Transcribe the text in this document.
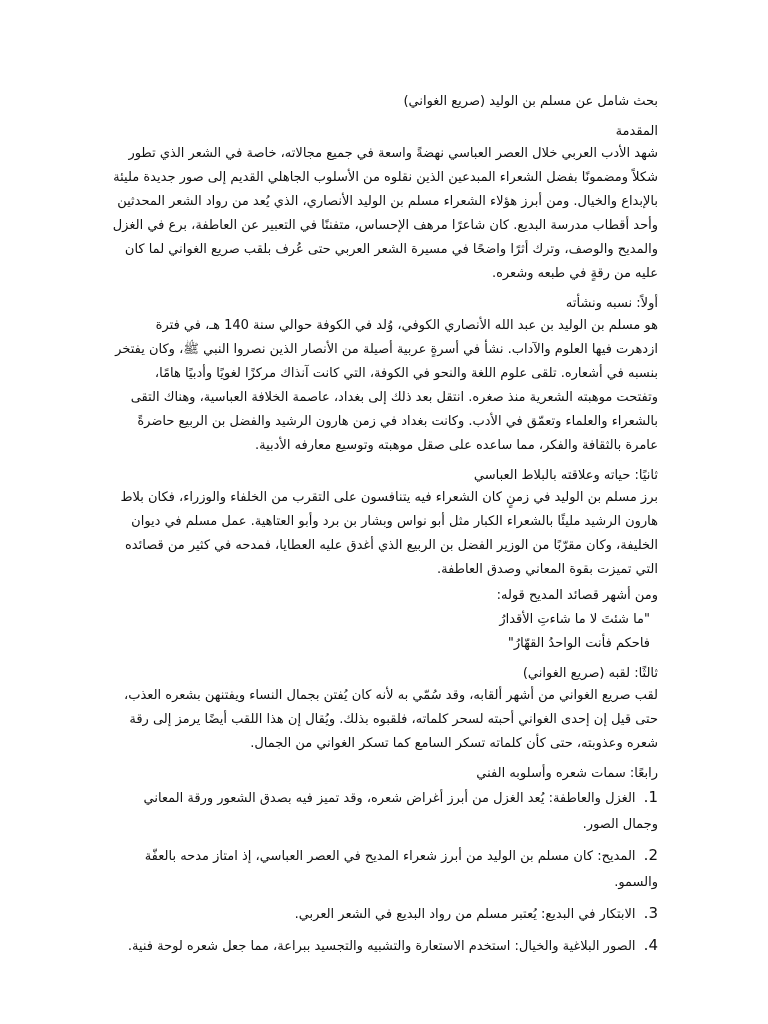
بحث شامل عن مسلم بن الوليد (صريع الغواني)

المقدمة

شهد الأدب العربي خلال العصر العباسي نهضةً واسعة في جميع مجالاته، خاصة في الشعر الذي تطور شكلاً ومضمونًا بفضل الشعراء المبدعين الذين نقلوه من الأسلوب الجاهلي القديم إلى صور جديدة مليئة بالإبداع والخيال. ومن أبرز هؤلاء الشعراء مسلم بن الوليد الأنصاري، الذي يُعد من رواد الشعر المحدثين وأحد أقطاب مدرسة البديع. كان شاعرًا مرهف الإحساس، متفننًا في التعبير عن العاطفة، برع في الغزل والمديح والوصف، وترك أثرًا واضحًا في مسيرة الشعر العربي حتى عُرف بلقب صريع الغواني لما كان عليه من رقةٍ في طبعه وشعره.

أولاً: نسبه ونشأته

هو مسلم بن الوليد بن عبد الله الأنصاري الكوفي، وُلد في الكوفة حوالي سنة 140 هـ، في فترة ازدهرت فيها العلوم والآداب. نشأ في أسرةٍ عربية أصيلة من الأنصار الذين نصروا النبي ﷺ، وكان يفتخر بنسبه في أشعاره. تلقى علوم اللغة والنحو في الكوفة، التي كانت آنذاك مركزًا لغويًا وأدبيًا هامًا، وتفتحت موهبته الشعرية منذ صغره. انتقل بعد ذلك إلى بغداد، عاصمة الخلافة العباسية، وهناك التقى بالشعراء والعلماء وتعمّق في الأدب. وكانت بغداد في زمن هارون الرشيد والفضل بن الربيع حاضرةً عامرة بالثقافة والفكر، مما ساعده على صقل موهبته وتوسيع معارفه الأدبية.

ثانيًا: حياته وعلاقته بالبلاط العباسي

برز مسلم بن الوليد في زمنٍ كان الشعراء فيه يتنافسون على التقرب من الخلفاء والوزراء، فكان بلاط هارون الرشيد مليئًا بالشعراء الكبار مثل أبو نواس وبشار بن برد وأبو العتاهية. عمل مسلم في ديوان الخليفة، وكان مقرّبًا من الوزير الفضل بن الربيع الذي أغدق عليه العطايا، فمدحه في كثير من قصائده التي تميزت بقوة المعاني وصدق العاطفة.

ومن أشهر قصائد المديح قوله:

"ما شئتَ لا ما شاءتِ الأقدارُ

فاحكم فأنت الواحدُ القهّارُ"

ثالثًا: لقبه (صريع الغواني)

لقب صريع الغواني من أشهر ألقابه، وقد سُمّي به لأنه كان يُفتن بجمال النساء ويفتنهن بشعره العذب، حتى قيل إن إحدى الغواني أحبته لسحر كلماته، فلقبوه بذلك. ويُقال إن هذا اللقب أيضًا يرمز إلى رقة شعره وعذوبته، حتى كأن كلماته تسكر السامع كما تسكر الغواني من الجمال.

رابعًا: سمات شعره وأسلوبه الفني

1. الغزل والعاطفة: يُعد الغزل من أبرز أغراض شعره، وقد تميز فيه بصدق الشعور ورقة المعاني وجمال الصور.
2. المديح: كان مسلم بن الوليد من أبرز شعراء المديح في العصر العباسي، إذ امتاز مدحه بالعفّة والسمو.
3. الابتكار في البديع: يُعتبر مسلم من رواد البديع في الشعر العربي.
4. الصور البلاغية والخيال: استخدم الاستعارة والتشبيه والتجسيد ببراعة، مما جعل شعره لوحة فنية.
